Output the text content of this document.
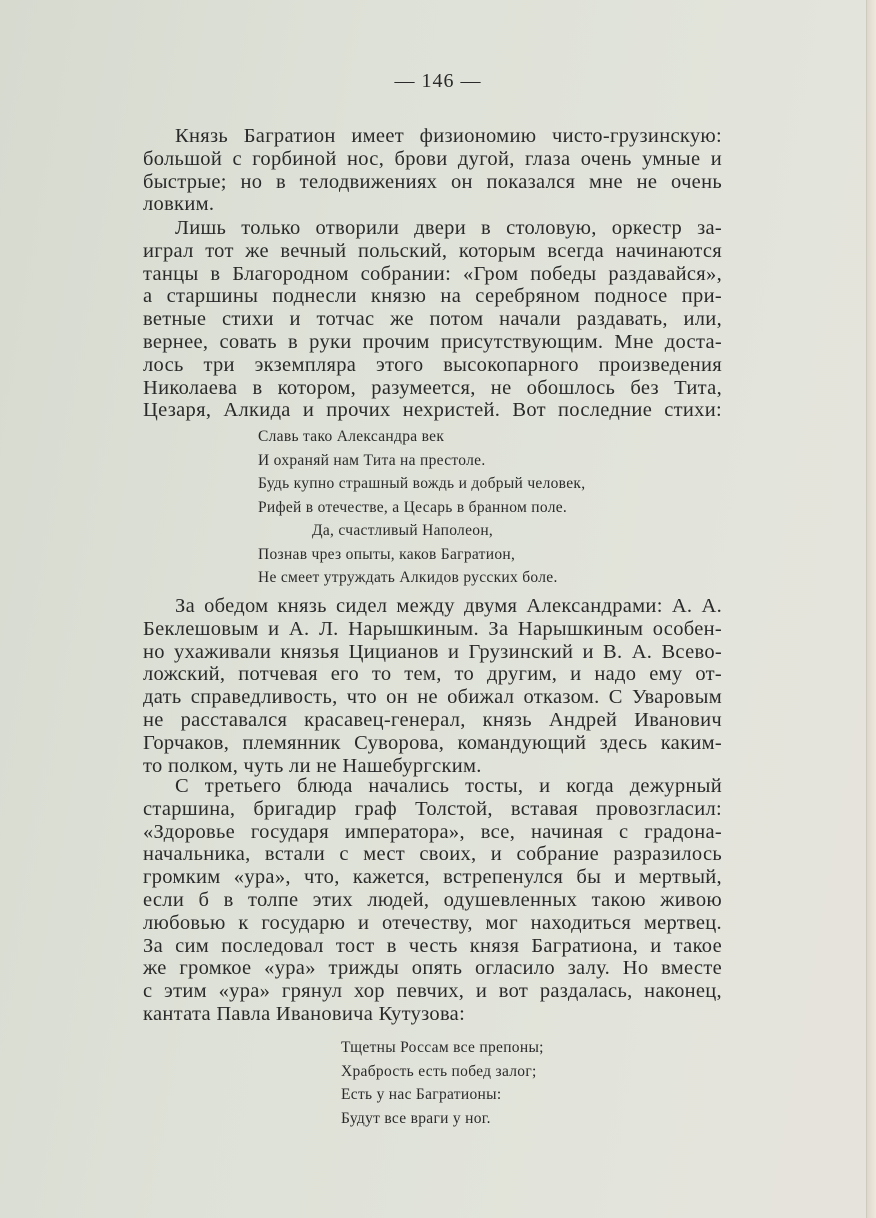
— 146 —
Князь Багратион имеет физиономию чисто-грузинскую:
большой с горбиной нос, брови дугой, глаза очень умные и
быстрые; но в телодвижениях он показался мне не очень
ловким.
Лишь только отворили двери в столовую, оркестр за-
играл тот же вечный польский, которым всегда начинаются
танцы в Благородном собрании: «Гром победы раздавайся»,
а старшины поднесли князю на серебряном подносе при-
ветные стихи и тотчас же потом начали раздавать, или,
вернее, совать в руки прочим присутствующим. Мне доста-
лось три экземпляра этого высокопарного произведения
Николаева в котором, разумеется, не обошлось без Тита,
Цезаря, Алкида и прочих нехристей. Вот последние стихи:
Славь тако Александра век
И охраняй нам Тита на престоле.
Будь купно страшный вождь и добрый человек,
Рифей в отечестве, а Цесарь в бранном поле.
Да, счастливый Наполеон,
Познав чрез опыты, каков Багратион,
Не смеет утруждать Алкидов русских боле.
За обедом князь сидел между двумя Александрами: А. А.
Беклешовым и А. Л. Нарышкиным. За Нарышкиным особен-
но ухаживали князья Цицианов и Грузинский и В. А. Всево-
ложский, потчевая его то тем, то другим, и надо ему от-
дать справедливость, что он не обижал отказом. С Уваровым
не расставался красавец-генерал, князь Андрей Иванович
Горчаков, племянник Суворова, командующий здесь каким-
то полком, чуть ли не Нашебургским.
С третьего блюда начались тосты, и когда дежурный
старшина, бригадир граф Толстой, вставая провозгласил:
«Здоровье государя императора», все, начиная с градона-
начальника, встали с мест своих, и собрание разразилось
громким «ура», что, кажется, встрепенулся бы и мертвый,
если б в толпе этих людей, одушевленных такою живою
любовью к государю и отечеству, мог находиться мертвец.
За сим последовал тост в честь князя Багратиона, и такое
же громкое «ура» трижды опять огласило залу. Но вместе
с этим «ура» грянул хор певчих, и вот раздалась, наконец,
кантата Павла Ивановича Кутузова:
Тщетны Россам все препоны;
Храбрость есть побед залог;
Есть у нас Багратионы:
Будут все враги у ног.
